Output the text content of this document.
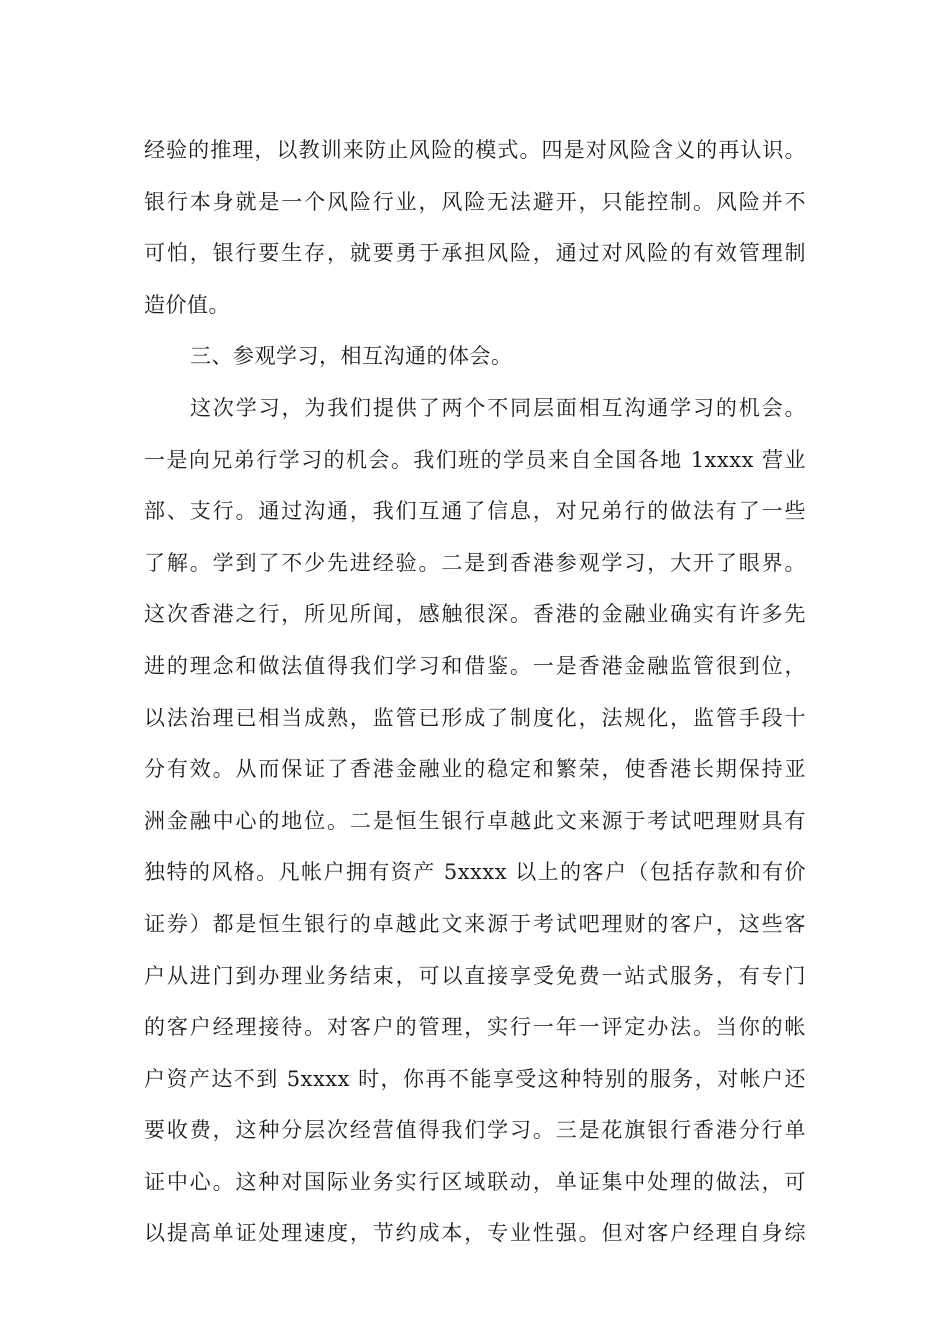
经验的推理，以教训来防止风险的模式。四是对风险含义的再认识。
银行本身就是一个风险行业，风险无法避开，只能控制。风险并不
可怕，银行要生存，就要勇于承担风险，通过对风险的有效管理制
造价值。
三、参观学习，相互沟通的体会。
这次学习，为我们提供了两个不同层面相互沟通学习的机会。
一是向兄弟行学习的机会。我们班的学员来自全国各地 1xxxx 营业
部、支行。通过沟通，我们互通了信息，对兄弟行的做法有了一些
了解。学到了不少先进经验。二是到香港参观学习，大开了眼界。
这次香港之行，所见所闻，感触很深。香港的金融业确实有许多先
进的理念和做法值得我们学习和借鉴。一是香港金融监管很到位，
以法治理已相当成熟，监管已形成了制度化，法规化，监管手段十
分有效。从而保证了香港金融业的稳定和繁荣，使香港长期保持亚
洲金融中心的地位。二是恒生银行卓越此文来源于考试吧理财具有
独特的风格。凡帐户拥有资产 5xxxx 以上的客户（包括存款和有价
证券）都是恒生银行的卓越此文来源于考试吧理财的客户，这些客
户从进门到办理业务结束，可以直接享受免费一站式服务，有专门
的客户经理接待。对客户的管理，实行一年一评定办法。当你的帐
户资产达不到 5xxxx 时，你再不能享受这种特别的服务，对帐户还
要收费，这种分层次经营值得我们学习。三是花旗银行香港分行单
证中心。这种对国际业务实行区域联动，单证集中处理的做法，可
以提高单证处理速度，节约成本，专业性强。但对客户经理自身综
